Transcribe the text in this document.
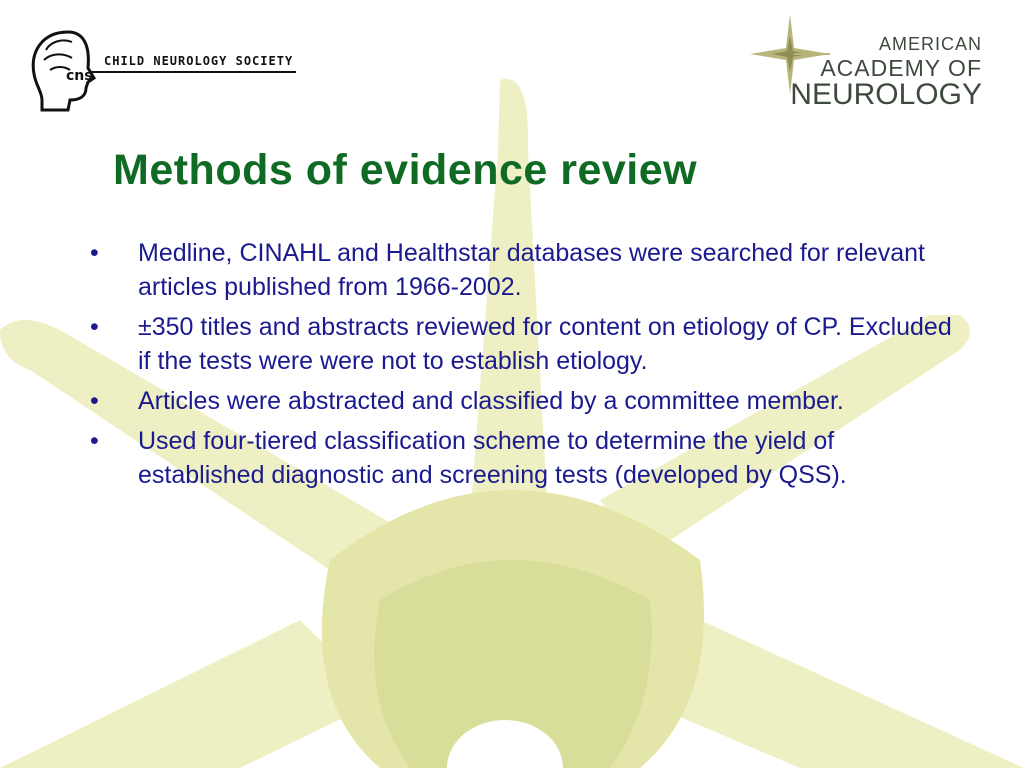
CHILD NEUROLOGY SOCIETY
cns
AMERICAN
ACADEMY OF
NEUROLOGY
Methods of evidence review
• Medline, CINAHL and Healthstar databases were searched for relevant articles published from 1966-2002.
• ±350 titles and abstracts reviewed for content on etiology of CP. Excluded if the tests were were not to establish etiology.
• Articles were abstracted and classified by a committee member.
• Used four-tiered classification scheme to determine the yield of established diagnostic and screening tests (developed by QSS).
